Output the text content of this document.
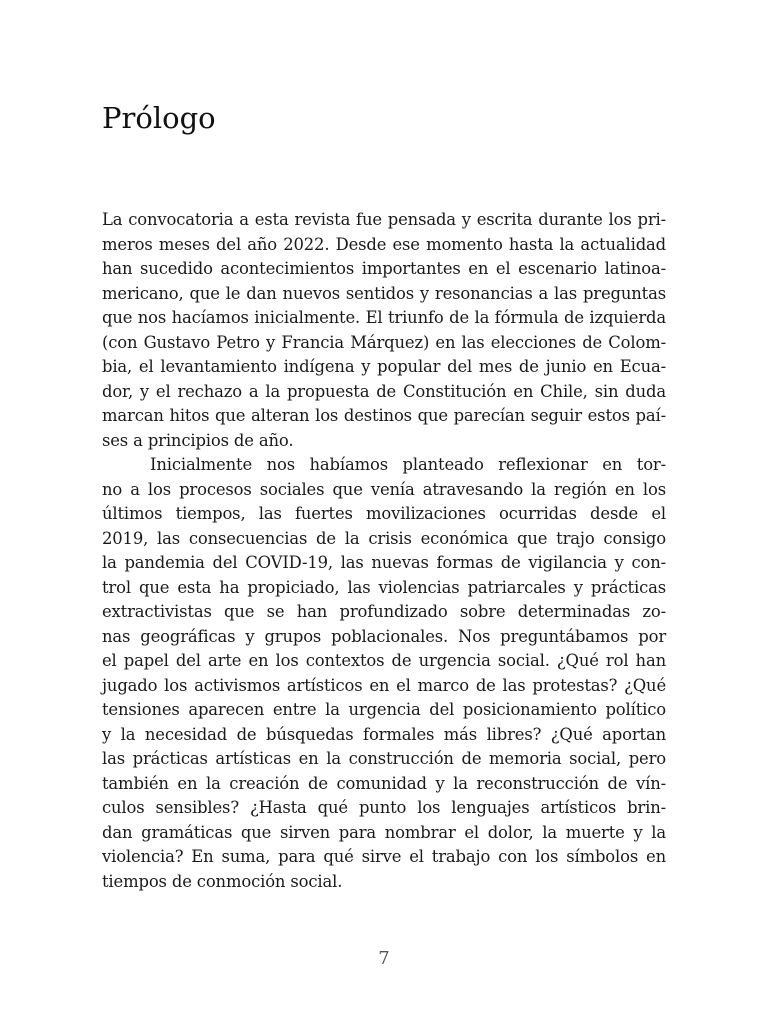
Prólogo
La convocatoria a esta revista fue pensada y escrita durante los pri-
meros meses del año 2022. Desde ese momento hasta la actualidad
han sucedido acontecimientos importantes en el escenario latinoa-
mericano, que le dan nuevos sentidos y resonancias a las preguntas
que nos hacíamos inicialmente. El triunfo de la fórmula de izquierda
(con Gustavo Petro y Francia Márquez) en las elecciones de Colom-
bia, el levantamiento indígena y popular del mes de junio en Ecua-
dor, y el rechazo a la propuesta de Constitución en Chile, sin duda
marcan hitos que alteran los destinos que parecían seguir estos paí-
ses a principios de año.
Inicialmente nos habíamos planteado reflexionar en tor-
no a los procesos sociales que venía atravesando la región en los
últimos tiempos, las fuertes movilizaciones ocurridas desde el
2019, las consecuencias de la crisis económica que trajo consigo
la pandemia del COVID-19, las nuevas formas de vigilancia y con-
trol que esta ha propiciado, las violencias patriarcales y prácticas
extractivistas que se han profundizado sobre determinadas zo-
nas geográficas y grupos poblacionales. Nos preguntábamos por
el papel del arte en los contextos de urgencia social. ¿Qué rol han
jugado los activismos artísticos en el marco de las protestas? ¿Qué
tensiones aparecen entre la urgencia del posicionamiento político
y la necesidad de búsquedas formales más libres? ¿Qué aportan
las prácticas artísticas en la construcción de memoria social, pero
también en la creación de comunidad y la reconstrucción de vín-
culos sensibles? ¿Hasta qué punto los lenguajes artísticos brin-
dan gramáticas que sirven para nombrar el dolor, la muerte y la
violencia? En suma, para qué sirve el trabajo con los símbolos en
tiempos de conmoción social.
7
